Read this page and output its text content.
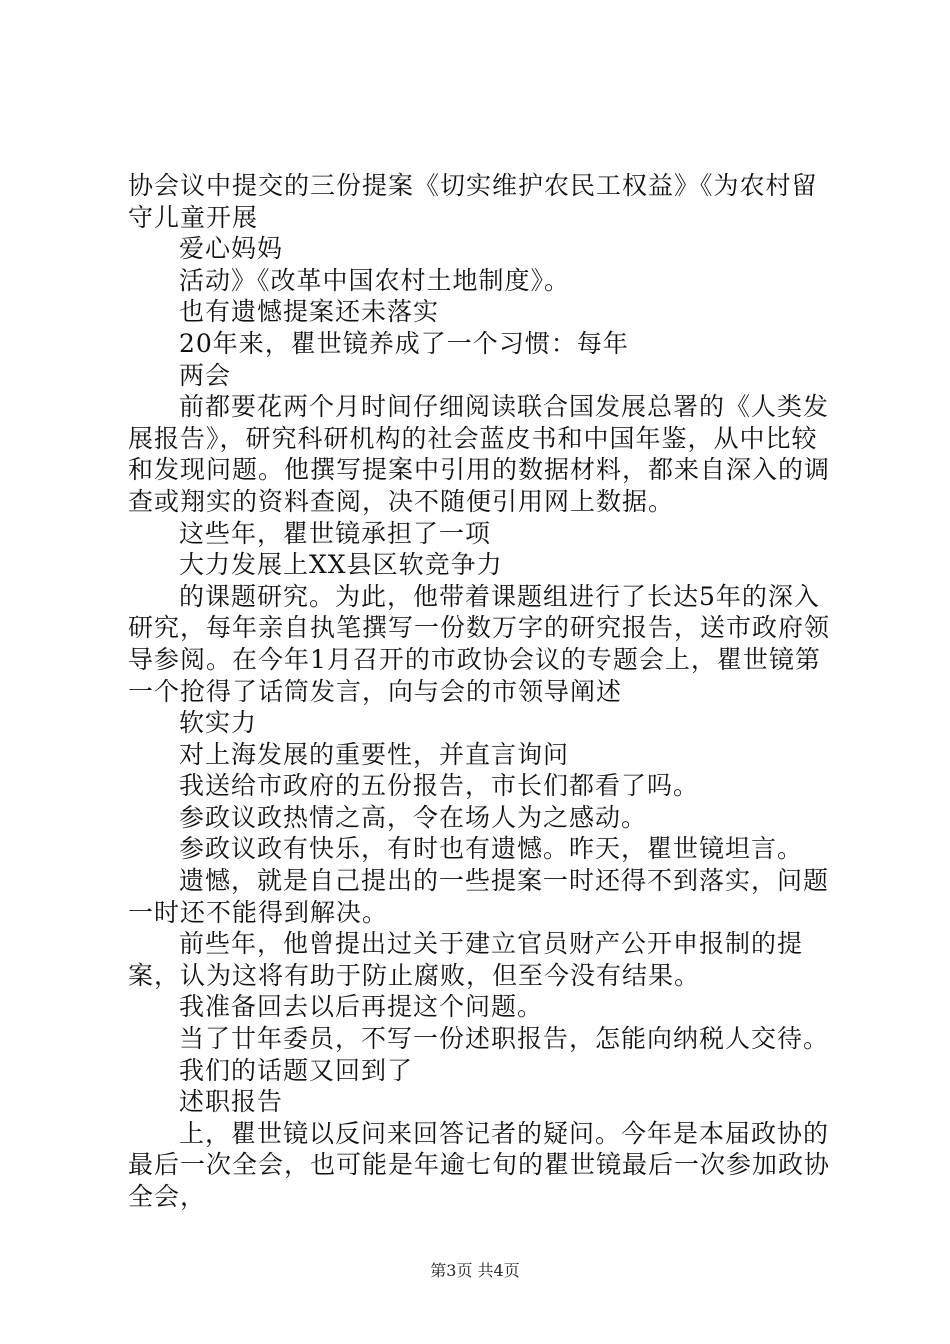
协会议中提交的三份提案《切实维护农民工权益》《为农村留守儿童开展

爱心妈妈

活动》《改革中国农村土地制度》。

也有遗憾提案还未落实

20年来，瞿世镜养成了一个习惯：每年

两会

前都要花两个月时间仔细阅读联合国发展总署的《人类发展报告》，研究科研机构的社会蓝皮书和中国年鉴，从中比较和发现问题。他撰写提案中引用的数据材料，都来自深入的调查或翔实的资料查阅，决不随便引用网上数据。

这些年，瞿世镜承担了一项

大力发展上XX县区软竞争力

的课题研究。为此，他带着课题组进行了长达5年的深入研究，每年亲自执笔撰写一份数万字的研究报告，送市政府领导参阅。在今年1月召开的市政协会议的专题会上，瞿世镜第一个抢得了话筒发言，向与会的市领导阐述

软实力

对上海发展的重要性，并直言询问

我送给市政府的五份报告，市长们都看了吗。

参政议政热情之高，令在场人为之感动。

参政议政有快乐，有时也有遗憾。昨天，瞿世镜坦言。

遗憾，就是自己提出的一些提案一时还得不到落实，问题一时还不能得到解决。

前些年，他曾提出过关于建立官员财产公开申报制的提案，认为这将有助于防止腐败，但至今没有结果。

我准备回去以后再提这个问题。

当了廿年委员，不写一份述职报告，怎能向纳税人交待。

我们的话题又回到了

述职报告

上，瞿世镜以反问来回答记者的疑问。今年是本届政协的最后一次全会，也可能是年逾七旬的瞿世镜最后一次参加政协全会，

第3页 共4页
